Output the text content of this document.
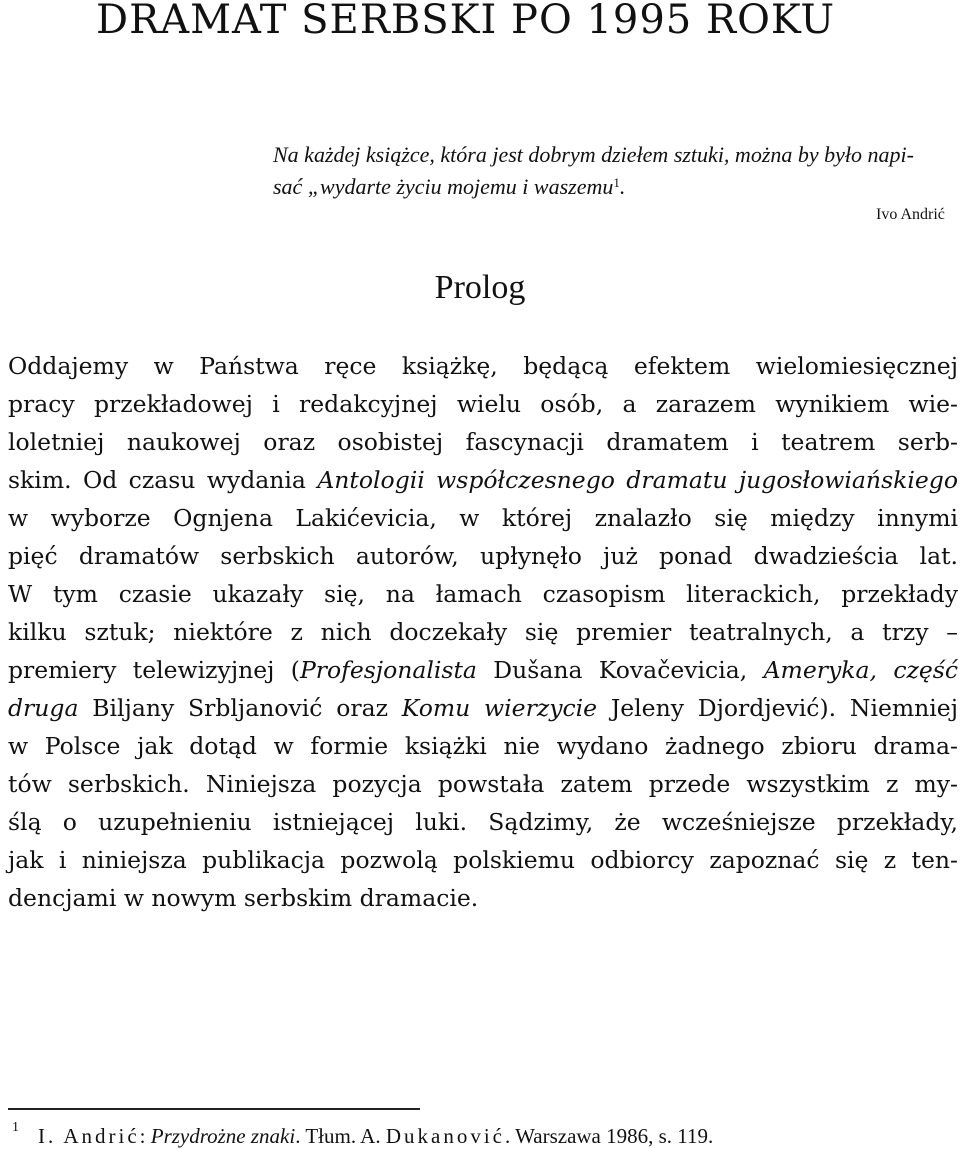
DRAMAT SERBSKI PO 1995 ROKU
Na każdej książce, która jest dobrym dziełem sztuki, można by było napi-
sać „wydarte życiu mojemu i waszemu$^1$.
Ivo Andrić
Prolog
Oddajemy w Państwa ręce książkę, będącą efektem wielomiesięcznej
pracy przekładowej i redakcyjnej wielu osób, a zarazem wynikiem wie-
loletniej naukowej oraz osobistej fascynacji dramatem i teatrem serb-
skim. Od czasu wydania Antologii współczesnego dramatu jugosłowiańskiego
w wyborze Ognjena Lakićevicia, w której znalazło się między innymi
pięć dramatów serbskich autorów, upłynęło już ponad dwadzieścia lat.
W tym czasie ukazały się, na łamach czasopism literackich, przekłady
kilku sztuk; niektóre z nich doczekały się premier teatralnych, a trzy –
premiery telewizyjnej (Profesjonalista Dušana Kovačevicia, Ameryka, część
druga Biljany Srbljanović oraz Komu wierzycie Jeleny Djordjević). Niemniej
w Polsce jak dotąd w formie książki nie wydano żadnego zbioru drama-
tów serbskich. Niniejsza pozycja powstała zatem przede wszystkim z my-
ślą o uzupełnieniu istniejącej luki. Sądzimy, że wcześniejsze przekłady,
jak i niniejsza publikacja pozwolą polskiemu odbiorcy zapoznać się z ten-
dencjami w nowym serbskim dramacie.
1 I. Andrić: Przydrożne znaki. Tłum. A. Dukanović. Warszawa 1986, s. 119.
